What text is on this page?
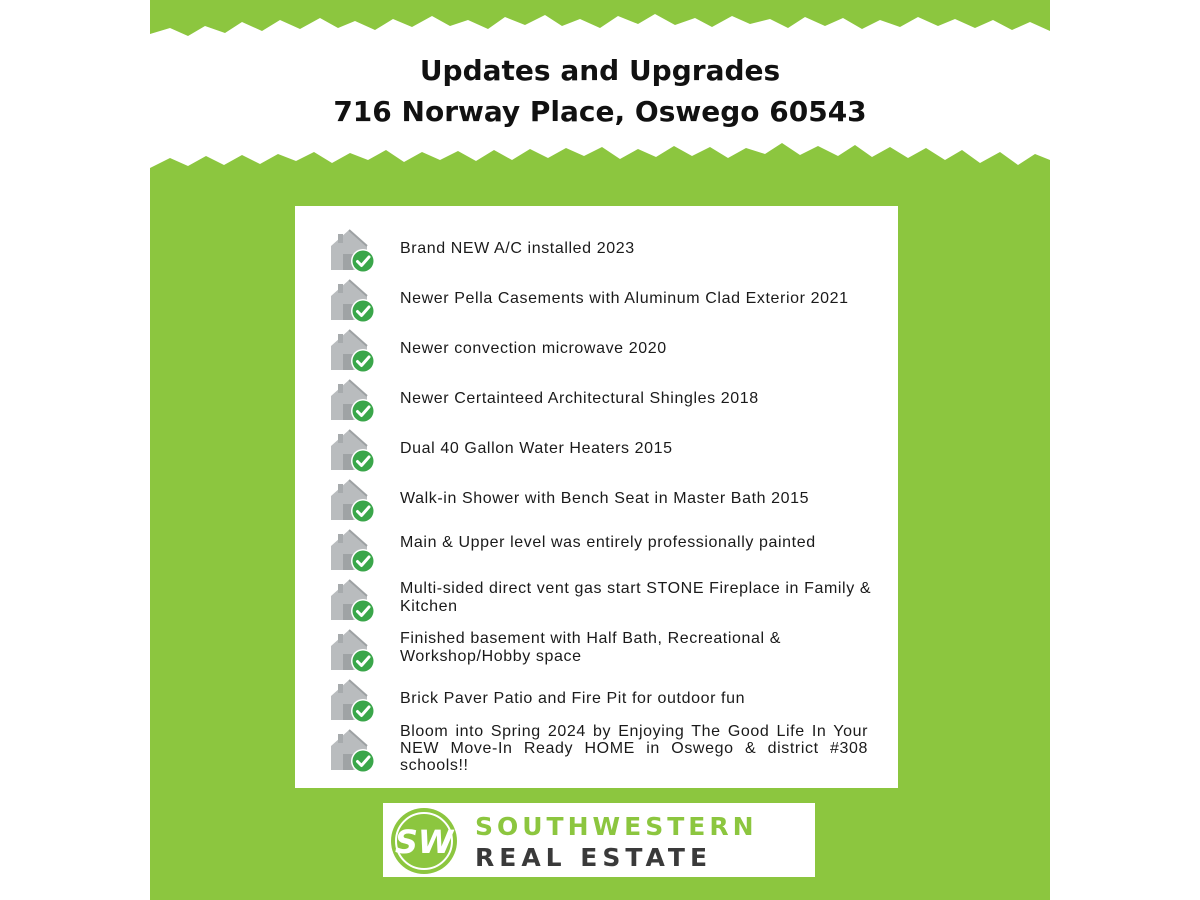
Updates and Upgrades
716 Norway Place, Oswego 60543
Brand NEW A/C installed 2023
Newer Pella Casements with Aluminum Clad Exterior 2021
Newer convection microwave 2020
Newer Certainteed Architectural Shingles 2018
Dual 40 Gallon Water Heaters 2015
Walk-in Shower with Bench Seat in Master Bath 2015
Main & Upper level was entirely professionally painted
Multi-sided direct vent gas start STONE Fireplace in Family & Kitchen
Finished basement with Half Bath, Recreational & Workshop/Hobby space
Brick Paver Patio and Fire Pit for outdoor fun
Bloom into Spring 2024 by Enjoying The Good Life In Your NEW Move-In Ready HOME in Oswego & district #308 schools!!
SW SOUTHWESTERN
REAL ESTATE
